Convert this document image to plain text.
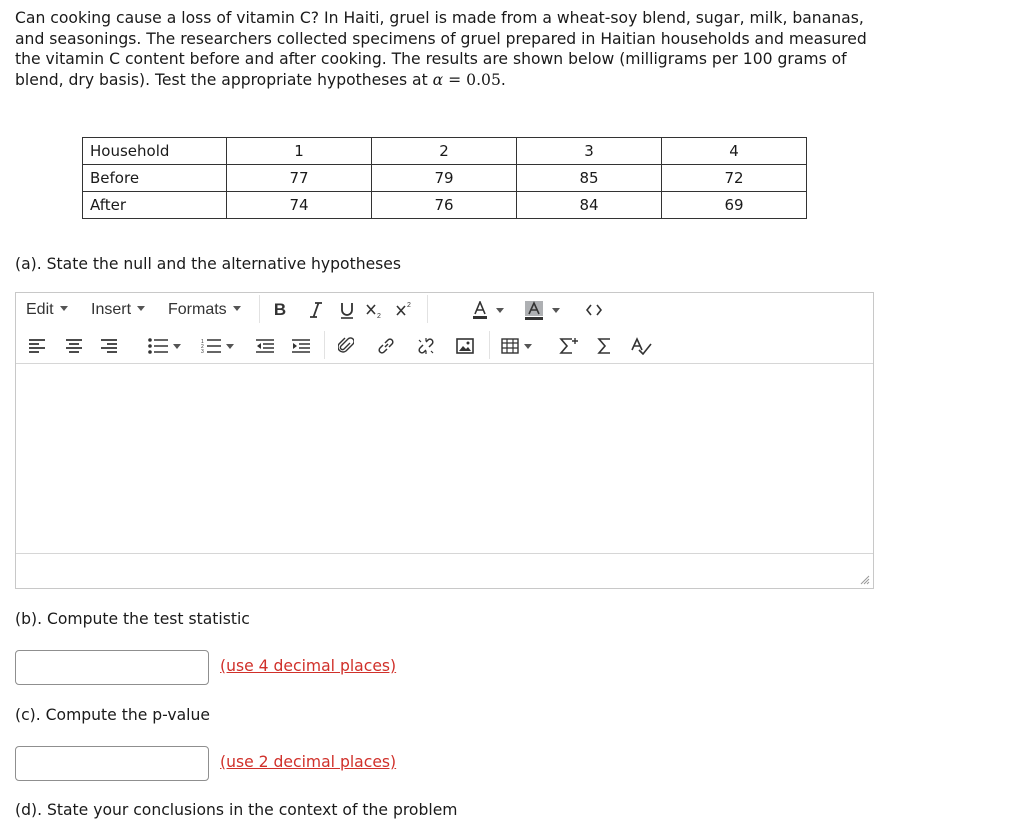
Can cooking cause a loss of vitamin C? In Haiti, gruel is made from a wheat-soy blend, sugar, milk, bananas, and seasonings. The researchers collected specimens of gruel prepared in Haitian households and measured the vitamin C content before and after cooking. The results are shown below (milligrams per 100 grams of blend, dry basis). Test the appropriate hypotheses at α = 0.05.

Household	1	2	3	4
Before	77	79	85	72
After	74	76	84	69

(a). State the null and the alternative hypotheses

Edit	Insert	Formats	B	2
2
1
2
3

(b). Compute the test statistic

(use 4 decimal places)

(c). Compute the p-value

(use 2 decimal places)

(d). State your conclusions in the context of the problem
